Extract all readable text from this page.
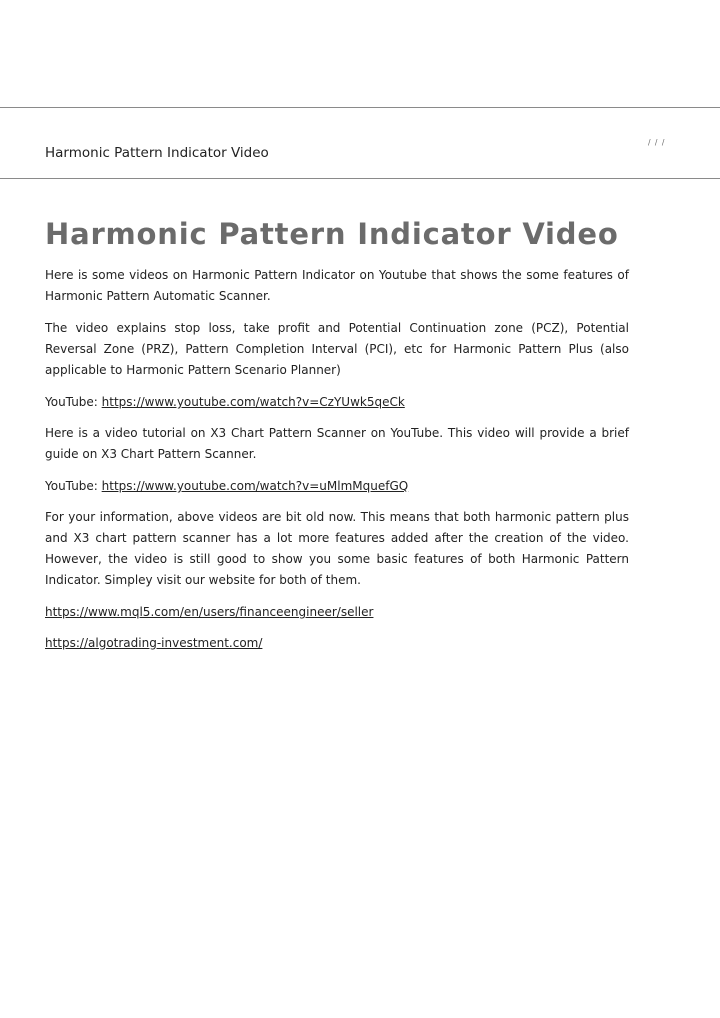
Harmonic Pattern Indicator Video
/ / /
Harmonic Pattern Indicator Video

Here is some videos on Harmonic Pattern Indicator on Youtube that shows the some features of Harmonic Pattern Automatic Scanner.

The video explains stop loss, take profit and Potential Continuation zone (PCZ), Potential Reversal Zone (PRZ), Pattern Completion Interval (PCI), etc for Harmonic Pattern Plus (also applicable to Harmonic Pattern Scenario Planner)

YouTube: https://www.youtube.com/watch?v=CzYUwk5qeCk

Here is a video tutorial on X3 Chart Pattern Scanner on YouTube. This video will provide a brief guide on X3 Chart Pattern Scanner.

YouTube: https://www.youtube.com/watch?v=uMlmMquefGQ

For your information, above videos are bit old now. This means that both harmonic pattern plus and X3 chart pattern scanner has a lot more features added after the creation of the video. However, the video is still good to show you some basic features of both Harmonic Pattern Indicator. Simpley visit our website for both of them.

https://www.mql5.com/en/users/financeengineer/seller

https://algotrading-investment.com/
